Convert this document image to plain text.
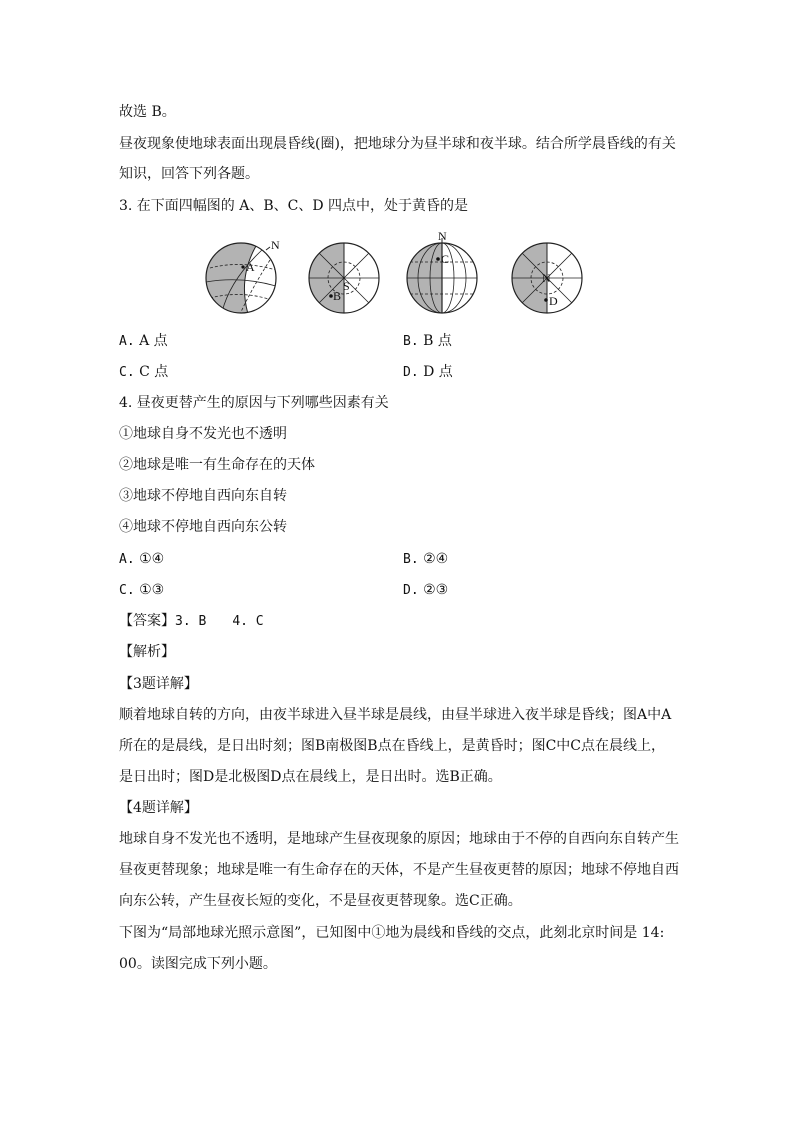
故选 B。
昼夜现象使地球表面出现晨昏线(圈)，把地球分为昼半球和夜半球。结合所学晨昏线的有关
知识，回答下列各题。
3. 在下面四幅图的 A、B、C、D 四点中，处于黄昏的是
A
N
B
S
C
N
D
N
A. A 点	B. B 点
C. C 点	D. D 点
4. 昼夜更替产生的原因与下列哪些因素有关
①地球自身不发光也不透明
②地球是唯一有生命存在的天体
③地球不停地自西向东自转
④地球不停地自西向东公转
A. ①④	B. ②④
C. ①③	D. ②③
【答案】3. B 4. C
【解析】
【3题详解】
顺着地球自转的方向，由夜半球进入昼半球是晨线，由昼半球进入夜半球是昏线；图A中A
所在的是晨线，是日出时刻；图B南极图B点在昏线上，是黄昏时；图C中C点在晨线上，
是日出时；图D是北极图D点在晨线上，是日出时。选B正确。
【4题详解】
地球自身不发光也不透明，是地球产生昼夜现象的原因；地球由于不停的自西向东自转产生
昼夜更替现象；地球是唯一有生命存在的天体，不是产生昼夜更替的原因；地球不停地自西
向东公转，产生昼夜长短的变化，不是昼夜更替现象。选C正确。
下图为“局部地球光照示意图”，已知图中①地为晨线和昏线的交点，此刻北京时间是 14:
00。读图完成下列小题。
